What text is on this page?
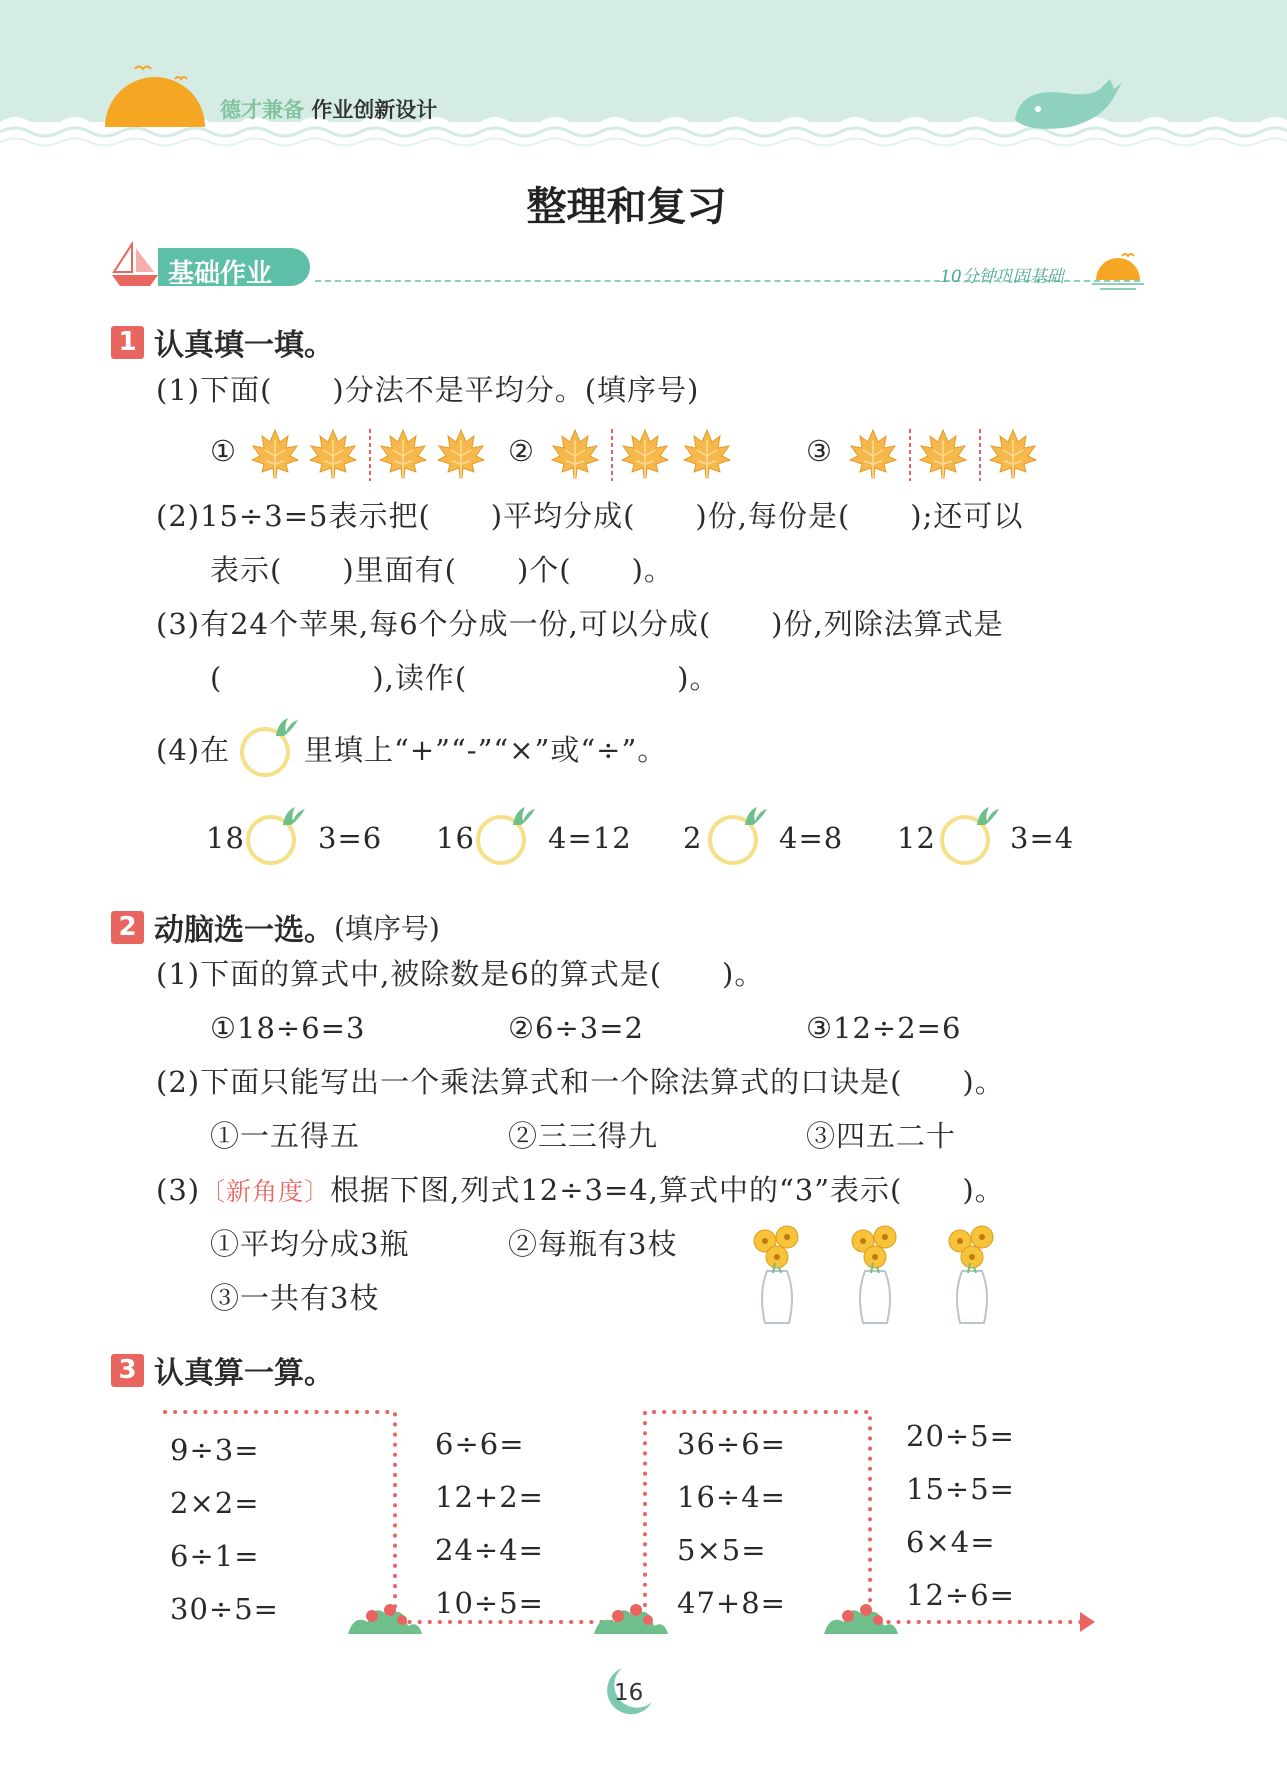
德才兼备 作业创新设计
整理和复习
基础作业	10分钟巩固基础
1 认真填一填。
(1)下面(　　)分法不是平均分。(填序号)
①	②	③
(2)15÷3=5表示把(　　)平均分成(　　)份,每份是(　　);还可以
表示(　　)里面有(　　)个(　　)。
(3)有24个苹果,每6个分成一份,可以分成(　　)份,列除法算式是
(　　　　　),读作(　　　　　　　)。
(4)在	里填上“+”“-”“×”或“÷”。
18	3=6 16	4=12 2	4=8 12	3=4
2 动脑选一选。(填序号)
(1)下面的算式中,被除数是6的算式是(　　)。
①18÷6=3	②6÷3=2	③12÷2=6
(2)下面只能写出一个乘法算式和一个除法算式的口诀是(　　)。
①一五得五	②三三得九	③四五二十
(3)〔新角度〕根据下图,列式12÷3=4,算式中的“3”表示(　　)。
①平均分成3瓶	②每瓶有3枝
③一共有3枝
3 认真算一算。
9÷3=
2×2=
6÷1=
30÷5=
6÷6=
12+2=
24÷4=
10÷5=
36÷6=
16÷4=
5×5=
47+8=
20÷5=
15÷5=
6×4=
12÷6=
16
